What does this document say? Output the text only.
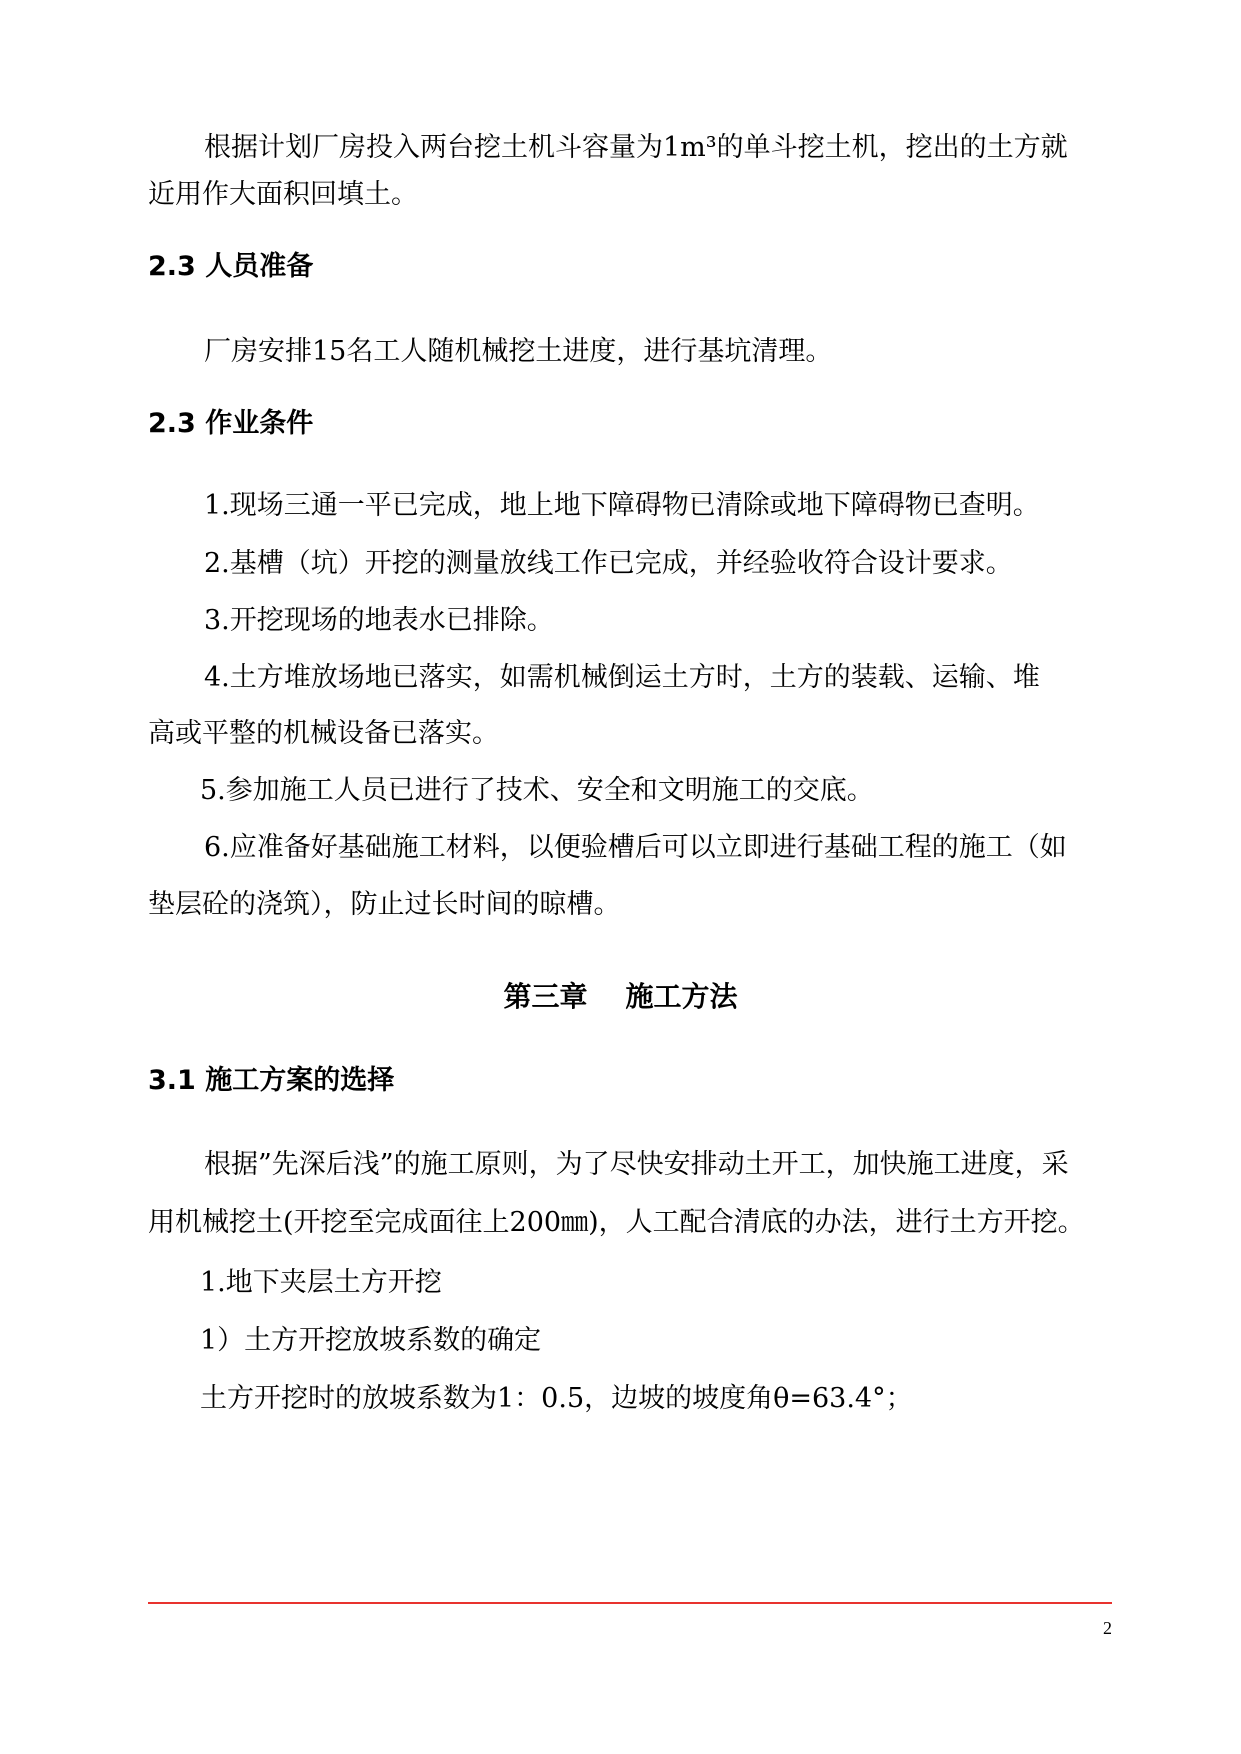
根据计划厂房投入两台挖土机斗容量为1m³的单斗挖土机，挖出的土方就
近用作大面积回填土。
2.3 人员准备
厂房安排15名工人随机械挖土进度，进行基坑清理。
2.3 作业条件
1.现场三通一平已完成，地上地下障碍物已清除或地下障碍物已查明。
2.基槽（坑）开挖的测量放线工作已完成，并经验收符合设计要求。
3.开挖现场的地表水已排除。
4.土方堆放场地已落实，如需机械倒运土方时，土方的装载、运输、堆
高或平整的机械设备已落实。
5.参加施工人员已进行了技术、安全和文明施工的交底。
6.应准备好基础施工材料，以便验槽后可以立即进行基础工程的施工（如
垫层砼的浇筑），防止过长时间的晾槽。
第三章 施工方法
3.1 施工方案的选择
根据”先深后浅”的施工原则，为了尽快安排动土开工，加快施工进度，采
用机械挖土(开挖至完成面往上200㎜)，人工配合清底的办法，进行土方开挖。
1.地下夹层土方开挖
1）土方开挖放坡系数的确定
土方开挖时的放坡系数为1：0.5，边坡的坡度角θ=63.4°；
2
